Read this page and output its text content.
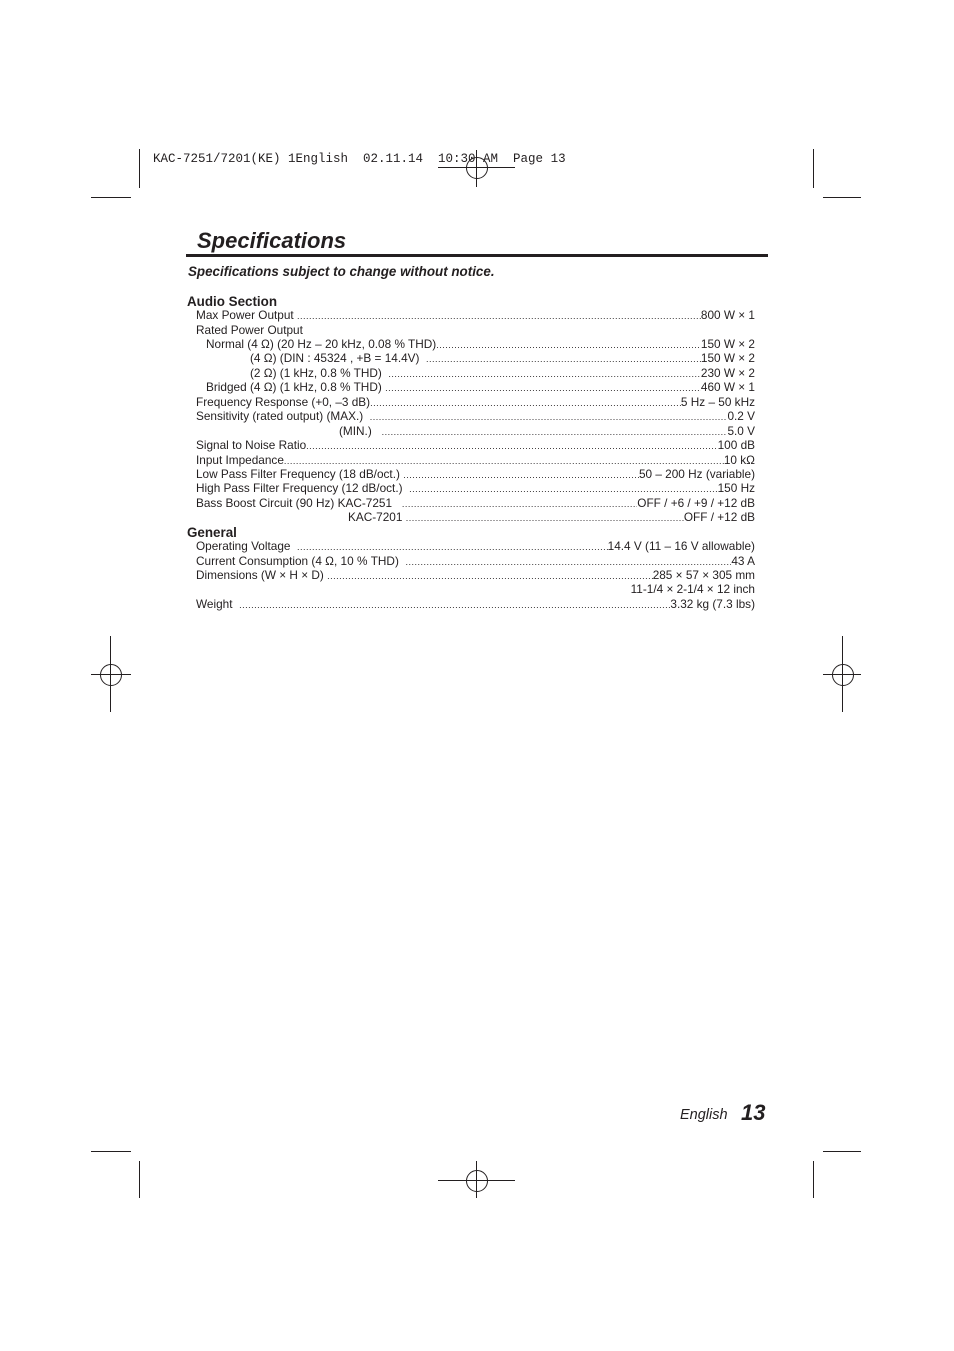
KAC-7251/7201(KE) 1English  02.11.14  10:30 AM  Page 13
Specifications
Specifications subject to change without notice.
Audio Section
Max Power Output
.....	800 W × 1
Rated Power Output
Normal (4 Ω) (20 Hz – 20 kHz, 0.08 % THD) .....	150 W × 2
(4 Ω) (DIN : 45324 , +B = 14.4V)
.....	150 W × 2
(2 Ω) (1 kHz, 0.8 % THD)
.....	230 W × 2
Bridged (4 Ω) (1 kHz, 0.8 % THD)
.....	460 W × 1
Frequency Response (+0, –3 dB) .....	5 Hz – 50 kHz
Sensitivity (rated output) (MAX.)
.....	0.2 V
(MIN.)
.....	5.0 V
Signal to Noise Ratio .....	100 dB
Input Impedance .....	10 kΩ
Low Pass Filter Frequency (18 dB/oct.)
.....	50 – 200 Hz (variable)
High Pass Filter Frequency (12 dB/oct.)
.....	150 Hz
Bass Boost Circuit (90 Hz) KAC-7251
.....	OFF / +6 / +9 / +12 dB
KAC-7201
.....	OFF / +12 dB
General
Operating Voltage
.....	14.4 V (11 – 16 V allowable)
Current Consumption (4 Ω, 10 % THD)
.....	43 A
Dimensions (W × H × D)
.....	285 × 57 × 305 mm
11-1/4 × 2-1/4 × 12 inch
Weight
.....	3.32 kg (7.3 lbs)
English 13
